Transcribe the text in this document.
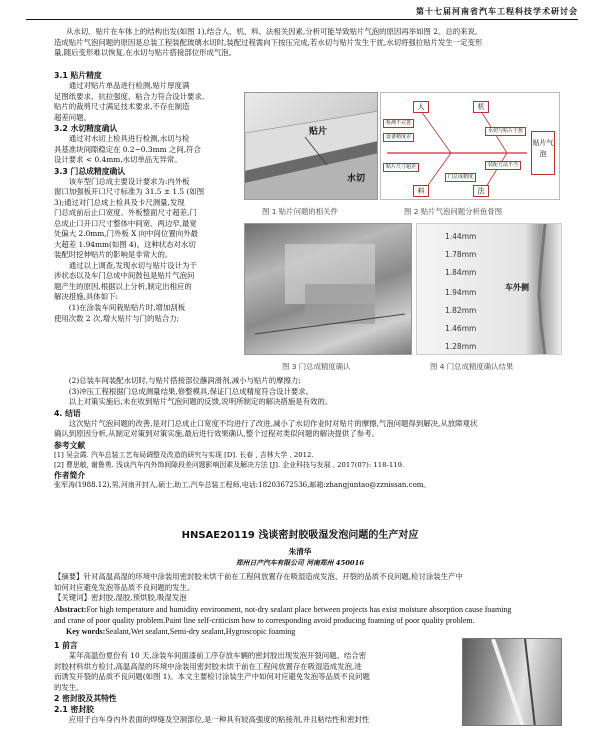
第十七届河南省汽车工程科技学术研讨会
从水切、贴片在车体上的结构出发(如图 1),结合人、机、料、法相关因素,分析可能导致贴片气泡的原因再举如图 2。总的来说,
造成贴片气泡问题的原因是总装工程装配玻璃水切时,装配过程需向下按压完成,若水切与贴片发生干扰,水切将强拉贴片发生一定变形
量,随后变形难以恢复,在水切与贴片搭接部位形成气泡。
3.1 贴片精度
通过对贴片单品进行检测,贴片厚度满
足图纸要求、抗拉强度、粘合力符合设计要求,
贴片的裁剪尺寸满足技术要求,不存在制造
超差问题。
3.2 水切精度确认
通过对水切上检具进行检测,水切与检
具基准块间隙稳定在 0.2~0.3mm 之间,符合
设计要求 < 0.4mm,水切单品无异常。
3.3 门总成精度确认
该车型门总成主要设计要求为:内外板
窗口加强板开口尺寸标准为 31.5 ± 1.5 (如图
3);通过对门总成上检具及卡尺测量,发现
门总成前后止口宽度、外板整面尺寸超差,门
总成止口开口尺寸整体中间宽、两边窄,最宽
处偏大 2.0mm,门外板 X 向中间位置向外最
大超差 1.94mm(如图 4)。这种状态对水切
装配时挖伸贴片的影响是非常大的。
通过以上调查,发现水切与贴片设计为干
涉状态以及车门总成中间鼓包是贴片气泡问
题产生的原因,根据以上分析,制定出相应的
解决措施,具体如下:
(1)在涂装车间栽贴贴片时,增加刮板
使用次数 2 次,增大贴片与门的贴合力;
贴片
水切
图 1 贴片问题的相关件
人	机
料	法
贴片气泡
检测不完善
设备精度差
水切与贴片干扰
贴片尺寸超差
门总成精度
装配方法不当
图 2 贴片气泡问题分析鱼骨图
图 3 门总成精度确认
1.44mm
1.78mm
1.84mm
1.94mm
1.82mm
1.46mm
1.28mm
车外侧
图 4 门总成精度确认结果
(2)总装车间装配水切时,与贴片搭接部位蘸润滑剂,减小与贴片的摩擦力;
(3)冲压工程根据门总成测量结果,修整模具,保证门总成精度符合设计要求。
以上对策实施后,未在收到贴片气泡问题的反馈,说明所制定的解决措施是有效的。
4. 结语
这次贴片气泡问题的改善,是对门总成止口宽度不均进行了改进,减小了水切作业时对贴片的摩擦,气泡问题得到解决,从放障观状
确认到原因分析,从制定对策到对策实施,最后进行效果确认,整个过程对类似问题的解决提供了参考。
参考文献
[1] 吴会霞. 汽车总装工艺布局调整及改造的研究与实现 [D]. 长春 , 吉林大学 , 2012.
[2] 曹思敏, 谢鲁勇. 浅谈汽车内外饰间隙段差问题影响因素及解决方法 [J]. 企业科技与发展 , 2017(07): 118-119.
作者简介
张军涛(1988.12),男,河南开封人,硕士,助工,汽车总装工程师,电话:18203672536,邮箱:zhangjuntao@zznissan.com。
HNSAE20119 浅谈密封胶吸湿发泡问题的生产对应
朱清华
郑州日产汽车有限公司 河南郑州 450016
【摘要】针对高温高湿的环境中涂装用密封胶未烘干前在工程间放置存在吸湿造成发泡、开裂的品质不良问题,检讨涂装生产中
如何对应避免发泡等品质不良问题的发生。
【关键词】密封胶,湿胶,预烘胶,吸湿发泡
Abstract:For high temperature and humidity environment, not-dry sealant place between projects has exist moisture absorption cause foaming
and crane of poor quality problem.Paint line self-criticism how to corresponding avoid producing foaming of poor quality problem.
Key words:Sealant,Wet sealant,Semi-dry sealant,Hygroscopic foaming
1 前言
某年高温份夏份有 10 天,涂装车间面漆前工序存放车辆的密封胶出现发泡开裂问题。结合密
封胶材料烘方检讨,高温高湿的环境中涂装用密封胶未烘干前在工程间放置存在吸湿造成发泡,进
而诱发开裂的品质不良问题(如图 1)。本文主要检讨涂装生产中如何对应避免发泡等品质不良问题
的发生。
2 密封胶及其特性
2.1 密封胶
应用于白车身内外表面的焊缝及空洞部位,是一种具有较高强度的粘接剂,并且粘结性和密封性
